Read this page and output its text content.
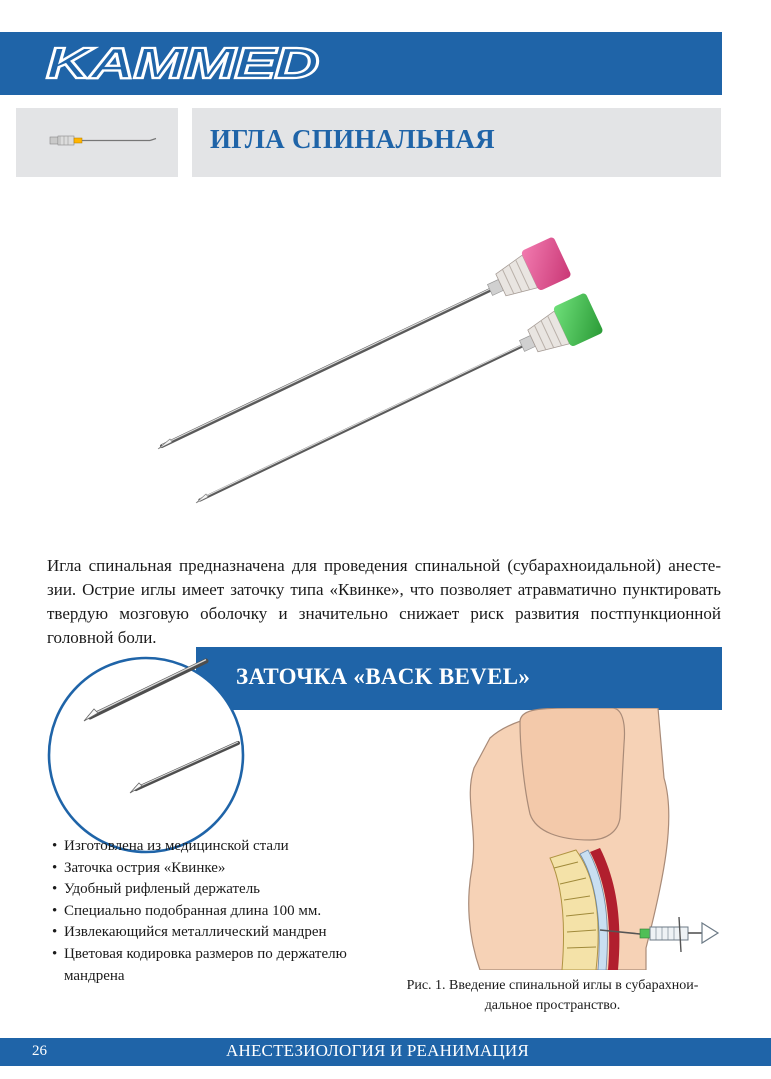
KAMMED
ИГЛА СПИНАЛЬНАЯ

Игла спинальная предназначена для проведения спинальной (субарахноидальной) анесте-зии. Острие иглы имеет заточку типа «Квинке», что позволяет атравматично пунктировать твердую мозговую оболочку и значительно снижает риск развития постпункционной головной боли.

ЗАТОЧКА «BACK BEVEL»
• Изготовлена из медицинской стали
• Заточка острия «Квинке»
• Удобный рифленый держатель
• Специально подобранная длина 100 мм.
• Извлекающийся металлический мандрен
• Цветовая кодировка размеров по держателю мандрена

Рис. 1. Введение спинальной иглы в субарахнои-дальное пространство.

26	АНЕСТЕЗИОЛОГИЯ И РЕАНИМАЦИЯ
